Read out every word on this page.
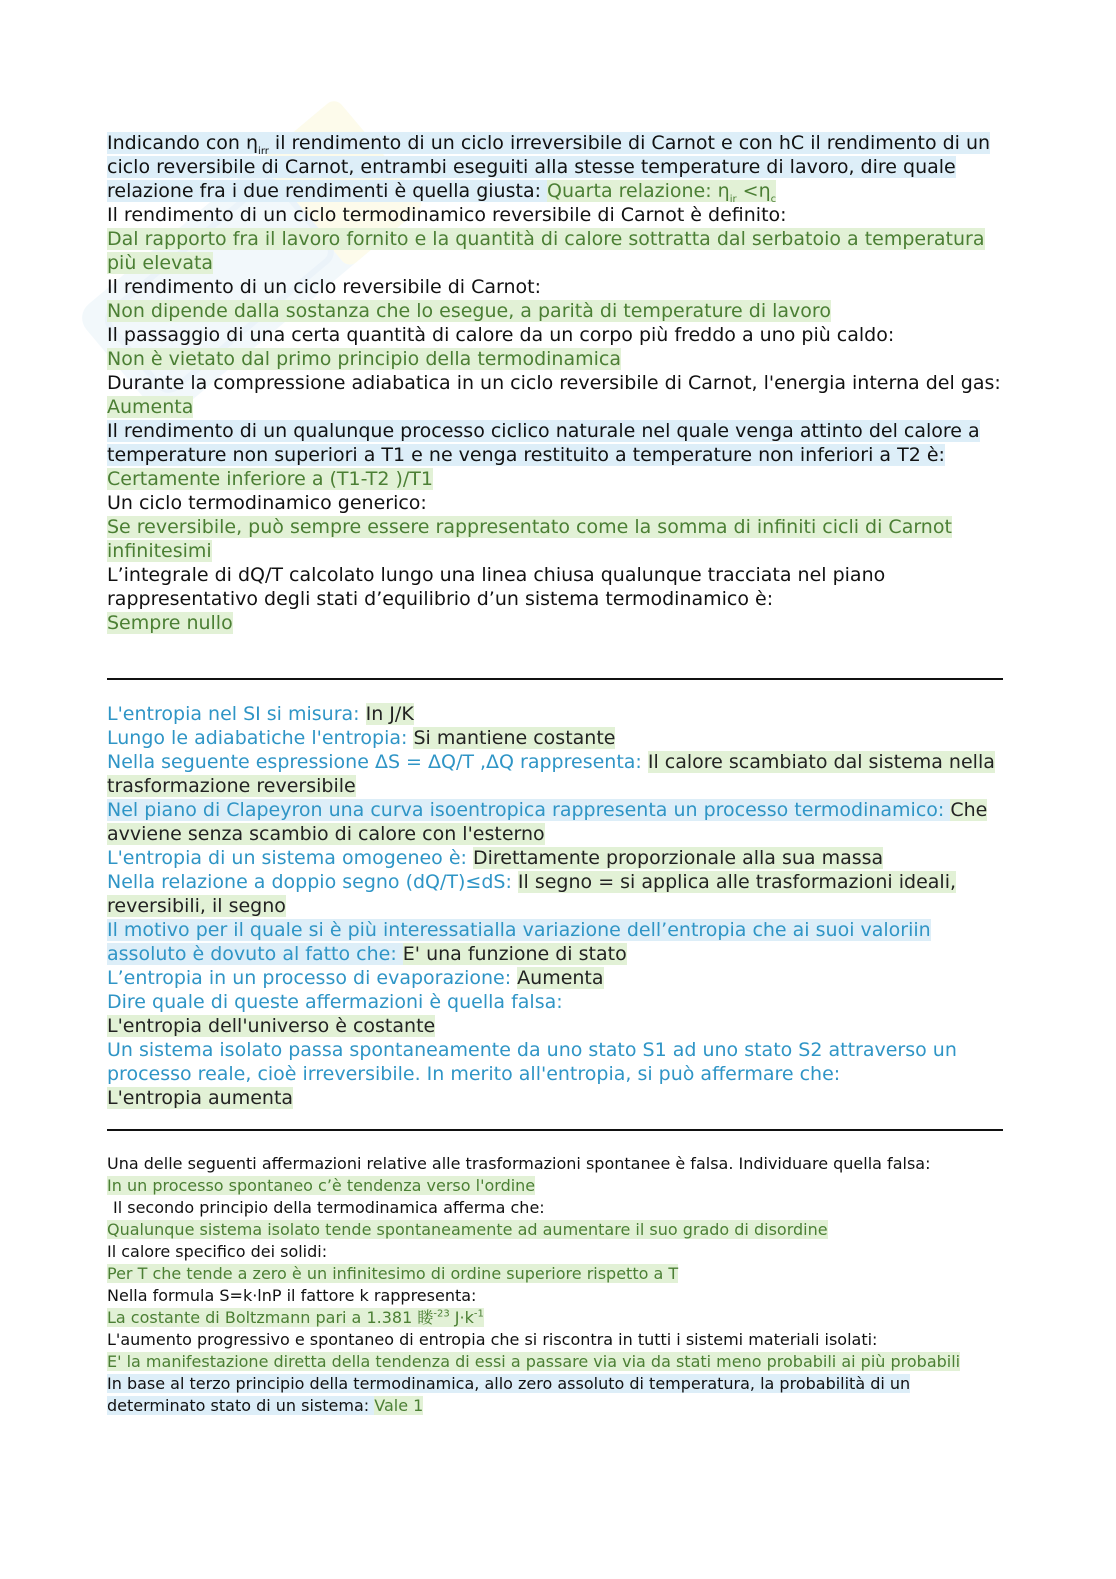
Indicando con $\eta_{irr}$ il rendimento di un ciclo irreversibile di Carnot e con hC il rendimento di un ciclo reversibile di Carnot, entrambi eseguiti alla stesse temperature di lavoro, dire quale relazione fra i due rendimenti è quella giusta: Quarta relazione: $\eta_{ir} <\eta_c$

Il rendimento di un ciclo termodinamico reversibile di Carnot è definito:

Dal rapporto fra il lavoro fornito e la quantità di calore sottratta dal serbatoio a temperatura più elevata

Il rendimento di un ciclo reversibile di Carnot:

Non dipende dalla sostanza che lo esegue, a parità di temperature di lavoro

Il passaggio di una certa quantità di calore da un corpo più freddo a uno più caldo:

Non è vietato dal primo principio della termodinamica

Durante la compressione adiabatica in un ciclo reversibile di Carnot, l'energia interna del gas:

Aumenta

Il rendimento di un qualunque processo ciclico naturale nel quale venga attinto del calore a temperature non superiori a T1 e ne venga restituito a temperature non inferiori a T2 è: Certamente inferiore a (T1-T2 )/T1

Un ciclo termodinamico generico:

Se reversibile, può sempre essere rappresentato come la somma di infiniti cicli di Carnot infinitesimi

L’integrale di dQ/T calcolato lungo una linea chiusa qualunque tracciata nel piano rappresentativo degli stati d’equilibrio d’un sistema termodinamico è:

Sempre nullo

L'entropia nel SI si misura: In J/K

Lungo le adiabatiche l'entropia: Si mantiene costante

Nella seguente espressione ΔS = ΔQ/T ,ΔQ rappresenta: Il calore scambiato dal sistema nella trasformazione reversibile

Nel piano di Clapeyron una curva isoentropica rappresenta un processo termodinamico: Che avviene senza scambio di calore con l'esterno

L'entropia di un sistema omogeneo è: Direttamente proporzionale alla sua massa

Nella relazione a doppio segno (dQ/T)≤dS: Il segno = si applica alle trasformazioni ideali, reversibili, il segno

Il motivo per il quale si è più interessatialla variazione dell’entropia che ai suoi valoriin assoluto è dovuto al fatto che: E' una funzione di stato

L’entropia in un processo di evaporazione: Aumenta

Dire quale di queste affermazioni è quella falsa:

L'entropia dell'universo è costante

Un sistema isolato passa spontaneamente da uno stato S1 ad uno stato S2 attraverso un processo reale, cioè irreversibile. In merito all'entropia, si può affermare che:

L'entropia aumenta

Una delle seguenti affermazioni relative alle trasformazioni spontanee è falsa. Individuare quella falsa:

In un processo spontaneo c’è tendenza verso l'ordine

Il secondo principio della termodinamica afferma che:

Qualunque sistema isolato tende spontaneamente ad aumentare il suo grado di disordine

Il calore specifico dei solidi:

Per T che tende a zero è un infinitesimo di ordine superiore rispetto a T

Nella formula S=k·lnP il fattore k rappresenta:

La costante di Boltzmann pari a 1.381 䁖$^{-23}$ $J\cdot k^{-1}$

L'aumento progressivo e spontaneo di entropia che si riscontra in tutti i sistemi materiali isolati:

E' la manifestazione diretta della tendenza di essi a passare via via da stati meno probabili ai più probabili

In base al terzo principio della termodinamica, allo zero assoluto di temperatura, la probabilità di un determinato stato di un sistema: Vale 1
